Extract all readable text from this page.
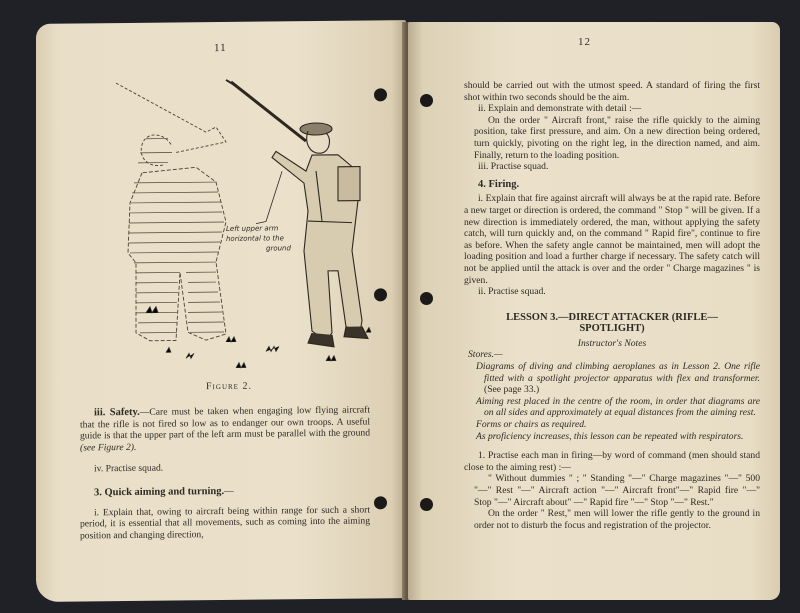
11
Left upper arm
horizontal to the
ground
Figure 2.

iii. Safety.—Care must be taken when engaging low flying aircraft that the rifle is not fired so low as to endanger our own troops. A useful guide is that the upper part of the left arm must be parallel with the ground (see Figure 2).

iv. Practise squad.

3. Quick aiming and turning.—

i. Explain that, owing to aircraft being within range for such a short period, it is essential that all movements, such as coming into the aiming position and changing direction,

12

should be carried out with the utmost speed. A standard of firing the first shot within two seconds should be the aim.

ii. Explain and demonstrate with detail :—

On the order " Aircraft front," raise the rifle quickly to the aiming position, take first pressure, and aim. On a new direction being ordered, turn quickly, pivoting on the right leg, in the direction named, and aim. Finally, return to the loading position.

iii. Practise squad.

4. Firing.

i. Explain that fire against aircraft will always be at the rapid rate. Before a new target or direction is ordered, the command " Stop " will be given. If a new direction is immediately ordered, the man, without applying the safety catch, will turn quickly and, on the command " Rapid fire", continue to fire as before. When the safety angle cannot be maintained, men will adopt the loading position and load a further charge if necessary. The safety catch will not be applied until the attack is over and the order " Charge magazines " is given.

ii. Practise squad.

LESSON 3.—DIRECT ATTACKER (RIFLE—

SPOTLIGHT)

Instructor's Notes

Stores.—

Diagrams of diving and climbing aeroplanes as in Lesson 2. One rifle fitted with a spotlight projector apparatus with flex and transformer. (See page 33.)

Aiming rest placed in the centre of the room, in order that diagrams are on all sides and approximately at equal distances from the aiming rest.

Forms or chairs as required.

As proficiency increases, this lesson can be repeated with respirators.

1. Practise each man in firing—by word of command (men should stand close to the aiming rest) :—

" Without dummies " ; " Standing "—" Charge magazines "—" 500 "—" Rest "—" Aircraft action "—" Aircraft front"—" Rapid fire "—" Stop "—" Aircraft about" —" Rapid fire "—" Stop "—" Rest."

On the order " Rest," men will lower the rifle gently to the ground in order not to disturb the focus and registration of the projector.
